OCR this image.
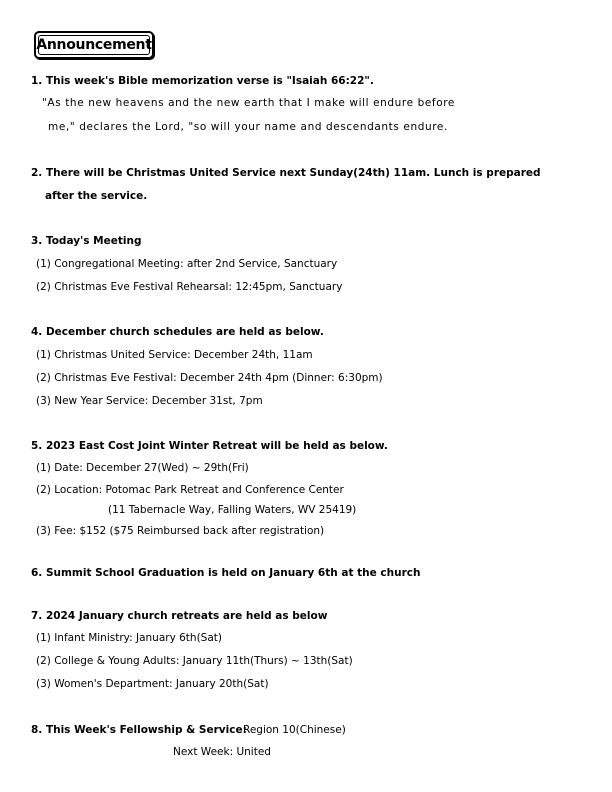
Announcement
1. This week's Bible memorization verse is "Isaiah 66:22".
"As the new heavens and the new earth that I make will endure before
me," declares the Lord, "so will your name and descendants endure.
2. There will be Christmas United Service next Sunday(24th) 11am. Lunch is prepared
after the service.
3. Today's Meeting
(1) Congregational Meeting: after 2nd Service, Sanctuary
(2) Christmas Eve Festival Rehearsal: 12:45pm, Sanctuary
4. December church schedules are held as below.
(1) Christmas United Service: December 24th, 11am
(2) Christmas Eve Festival: December 24th 4pm (Dinner: 6:30pm)
(3) New Year Service: December 31st, 7pm
5. 2023 East Cost Joint Winter Retreat will be held as below.
(1) Date: December 27(Wed) ~ 29th(Fri)
(2) Location: Potomac Park Retreat and Conference Center
(11 Tabernacle Way, Falling Waters, WV 25419)
(3) Fee: $152 ($75 Reimbursed back after registration)
6. Summit School Graduation is held on January 6th at the church
7. 2024 January church retreats are held as below
(1) Infant Ministry: January 6th(Sat)
(2) College & Young Adults: January 11th(Thurs) ~ 13th(Sat)
(3) Women's Department: January 20th(Sat)
8. This Week's Fellowship & Service:
Region 10(Chinese)
Next Week: United
